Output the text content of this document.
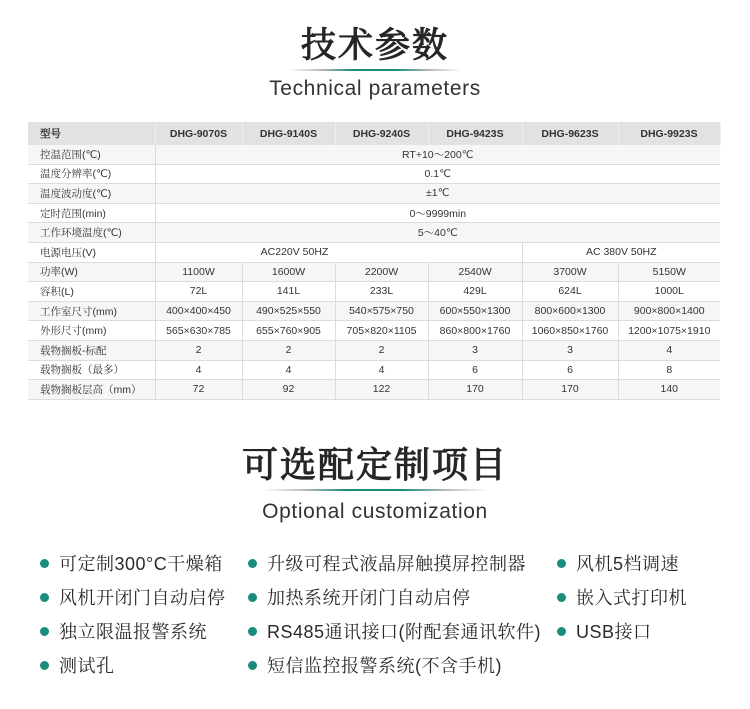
技术参数
Technical parameters
型号	DHG-9070S	DHG-9140S	DHG-9240S	DHG-9423S	DHG-9623S	DHG-9923S
控温范围(℃)	RT+10～200℃					
温度分辨率(℃)	0.1℃					
温度波动度(℃)	±1℃					
定时范围(min)	0～9999min					
工作环境温度(℃)	5～40℃					
电源电压(V)	AC220V 50HZ				AC 380V 50HZ	
功率(W)	1100W	1600W	2200W	2540W	3700W	5150W
容积(L)	72L	141L	233L	429L	624L	1000L
工作室尺寸(mm)	400×400×450	490×525×550	540×575×750	600×550×1300	800×600×1300	900×800×1400
外形尺寸(mm)	565×630×785	655×760×905	705×820×1105	860×800×1760	1060×850×1760	1200×1075×1910
载物搁板-标配	2	2	2	3	3	4
载物搁板（最多）	4	4	4	6	6	8
载物搁板层高（mm）	72	92	122	170	170	140
可选配定制项目
Optional customization
可定制300°C干燥箱
风机开闭门自动启停
独立限温报警系统
测试孔
升级可程式液晶屏触摸屏控制器
加热系统开闭门自动启停
RS485通讯接口(附配套通讯软件)
短信监控报警系统(不含手机)
风机5档调速
嵌入式打印机
USB接口
